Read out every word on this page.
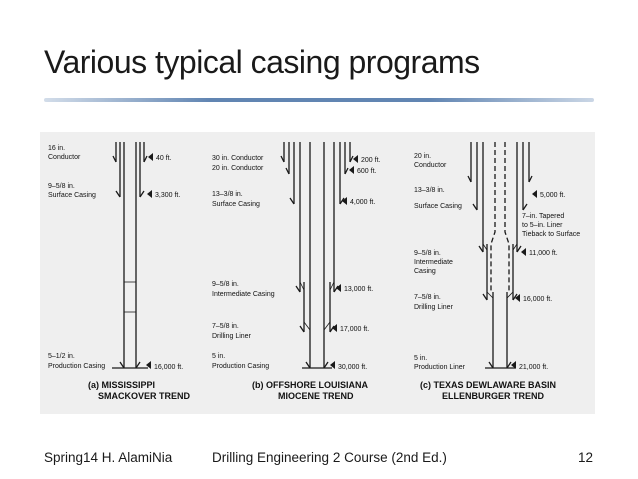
Various typical casing programs
16 in.
Conductor
9–5/8 in.
Surface Casing
5–1/2 in.
Production Casing
40 ft.
3,300 ft.
16,000 ft.
(a) MISSISSIPPI
SMACKOVER TREND
30 in. Conductor
20 in. Conductor
13–3/8 in.
Surface Casing
9–5/8 in.
Intermediate Casing
7–5/8 in.
Drilling Liner
5 in.
Production Casing
200 ft.
600 ft.
4,000 ft.
13,000 ft.
17,000 ft.
30,000 ft.
(b) OFFSHORE LOUISIANA
MIOCENE TREND
20 in.
Conductor
13–3/8 in.
Surface Casing
9–5/8 in.
Intermediate
Casing
7–5/8 in.
Drilling Liner
5 in.
Production Liner
7–in. Tapered
to 5–in. Liner
Tieback to Surface
5,000 ft.
11,000 ft.
16,000 ft.
21,000 ft.
(c) TEXAS DEWLAWARE BASIN
ELLENBURGER TREND
Spring14 H. AlamiNia	Drilling Engineering 2 Course (2nd Ed.)	12
